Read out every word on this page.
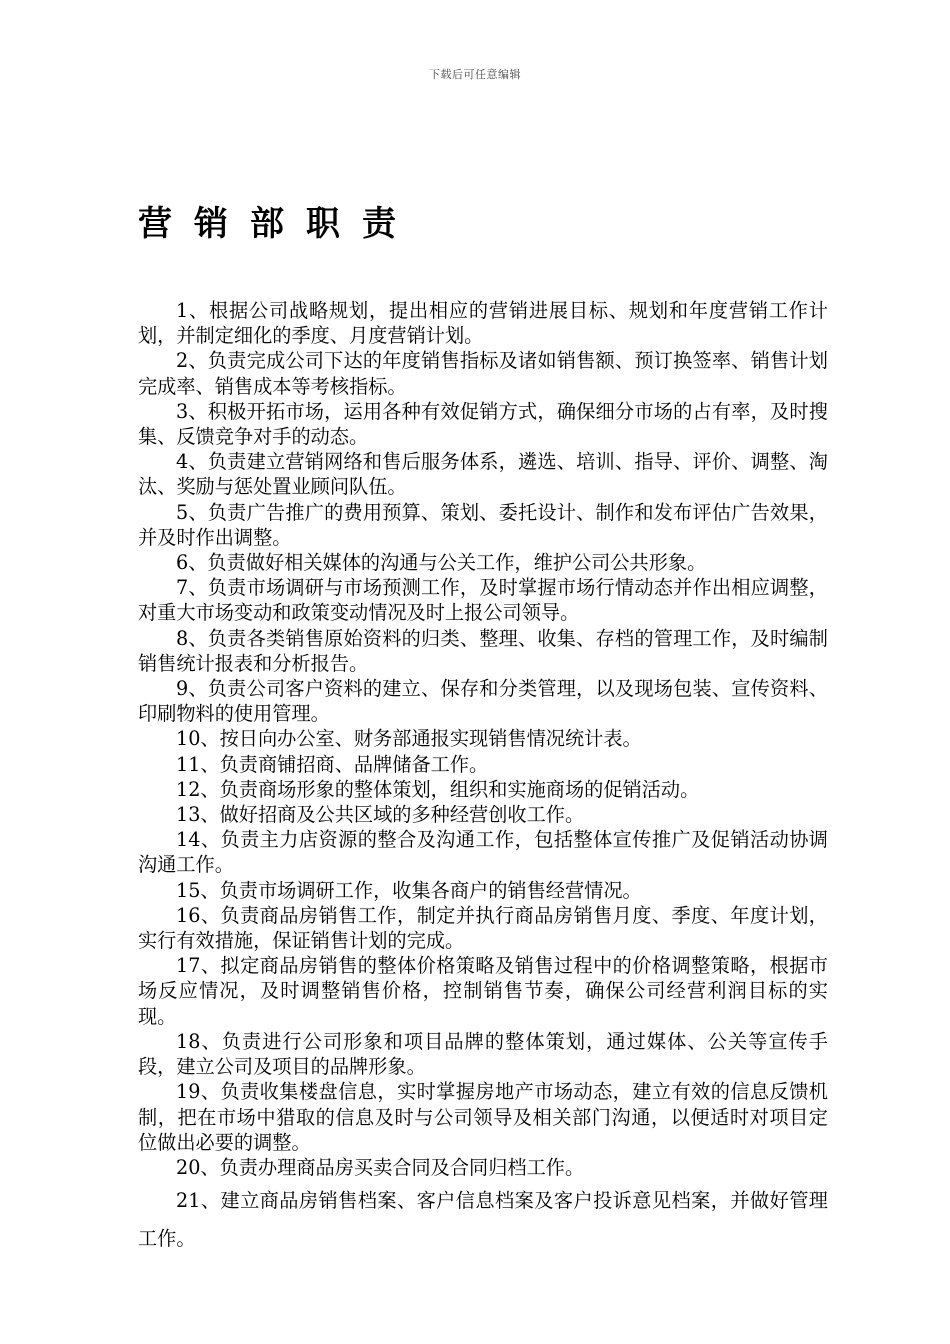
下载后可任意编辑
营销部职责

1、根据公司战略规划，提出相应的营销进展目标、规划和年度营销工作计划，并制定细化的季度、月度营销计划。

2、负责完成公司下达的年度销售指标及诸如销售额、预订换签率、销售计划完成率、销售成本等考核指标。

3、积极开拓市场，运用各种有效促销方式，确保细分市场的占有率，及时搜集、反馈竞争对手的动态。

4、负责建立营销网络和售后服务体系，遴选、培训、指导、评价、调整、淘汰、奖励与惩处置业顾问队伍。

5、负责广告推广的费用预算、策划、委托设计、制作和发布评估广告效果，并及时作出调整。

6、负责做好相关媒体的沟通与公关工作，维护公司公共形象。

7、负责市场调研与市场预测工作，及时掌握市场行情动态并作出相应调整，对重大市场变动和政策变动情况及时上报公司领导。

8、负责各类销售原始资料的归类、整理、收集、存档的管理工作，及时编制销售统计报表和分析报告。

9、负责公司客户资料的建立、保存和分类管理，以及现场包装、宣传资料、印刷物料的使用管理。

10、按日向办公室、财务部通报实现销售情况统计表。

11、负责商铺招商、品牌储备工作。

12、负责商场形象的整体策划，组织和实施商场的促销活动。

13、做好招商及公共区域的多种经营创收工作。

14、负责主力店资源的整合及沟通工作，包括整体宣传推广及促销活动协调沟通工作。

15、负责市场调研工作，收集各商户的销售经营情况。

16、负责商品房销售工作，制定并执行商品房销售月度、季度、年度计划，实行有效措施，保证销售计划的完成。

17、拟定商品房销售的整体价格策略及销售过程中的价格调整策略，根据市场反应情况，及时调整销售价格，控制销售节奏，确保公司经营利润目标的实现。

18、负责进行公司形象和项目品牌的整体策划，通过媒体、公关等宣传手段，建立公司及项目的品牌形象。

19、负责收集楼盘信息，实时掌握房地产市场动态，建立有效的信息反馈机制，把在市场中猎取的信息及时与公司领导及相关部门沟通，以便适时对项目定位做出必要的调整。

20、负责办理商品房买卖合同及合同归档工作。

21、建立商品房销售档案、客户信息档案及客户投诉意见档案，并做好管理工作。
